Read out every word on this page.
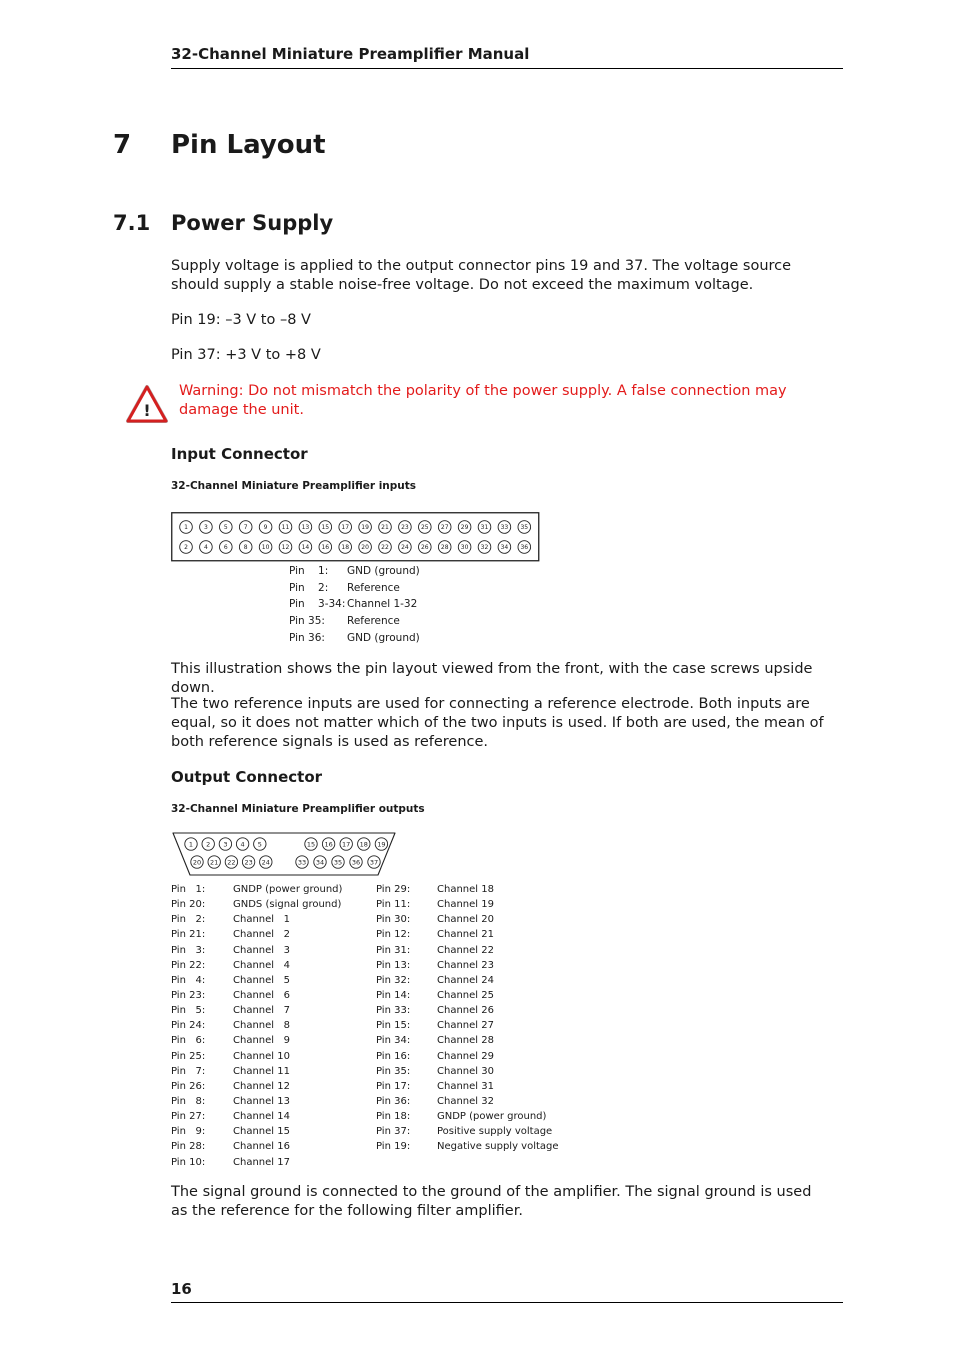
32-Channel Miniature Preamplifier Manual
7 Pin Layout
7.1 Power Supply
Supply voltage is applied to the output connector pins 19 and 37. The voltage source should supply a stable noise-free voltage. Do not exceed the maximum voltage.
Pin 19: –3 V to –8 V
Pin 37: +3 V to +8 V
!
Warning: Do not mismatch the polarity of the power supply. A false connection may damage the unit.
Input Connector
32-Channel Miniature Preamplifier inputs
1	3	5	7	9 11 13 15 17 19 21 23 25 27 29 31 33 35
2	4	6	8 10 12 14 16 18 20 22 24 26 28 30 32 34 36
Pin    1: GND (ground)
Pin    2: Reference
Pin    3-34: Channel 1-32
Pin 35: Reference
Pin 36: GND (ground)
This illustration shows the pin layout viewed from the front, with the case screws upside down.
The two reference inputs are used for connecting a reference electrode. Both inputs are equal, so it does not matter which of the two inputs is used. If both are used, the mean of both reference signals is used as reference.
Output Connector
32-Channel Miniature Preamplifier outputs
1 2 3 4 5	15 16 17 18 19
20 21 22 23 24	33 34 35 36 37
Pin   1:	GNDP (power ground)
Pin 20:	GNDS (signal ground)
Pin   2:	Channel   1
Pin 21:	Channel   2
Pin   3:	Channel   3
Pin 22:	Channel   4
Pin   4:	Channel   5
Pin 23:	Channel   6
Pin   5:	Channel   7
Pin 24:	Channel   8
Pin   6:	Channel   9
Pin 25:	Channel 10
Pin   7:	Channel 11
Pin 26:	Channel 12
Pin   8:	Channel 13
Pin 27:	Channel 14
Pin   9:	Channel 15
Pin 28:	Channel 16
Pin 10:	Channel 17
Pin 29:	Channel 18
Pin 11:	Channel 19
Pin 30:	Channel 20
Pin 12:	Channel 21
Pin 31:	Channel 22
Pin 13:	Channel 23
Pin 32:	Channel 24
Pin 14:	Channel 25
Pin 33:	Channel 26
Pin 15:	Channel 27
Pin 34:	Channel 28
Pin 16:	Channel 29
Pin 35:	Channel 30
Pin 17:	Channel 31
Pin 36:	Channel 32
Pin 18:	GNDP (power ground)
Pin 37:	Positive supply voltage
Pin 19:	Negative supply voltage
The signal ground is connected to the ground of the amplifier. The signal ground is used as the reference for the following filter amplifier.
16
